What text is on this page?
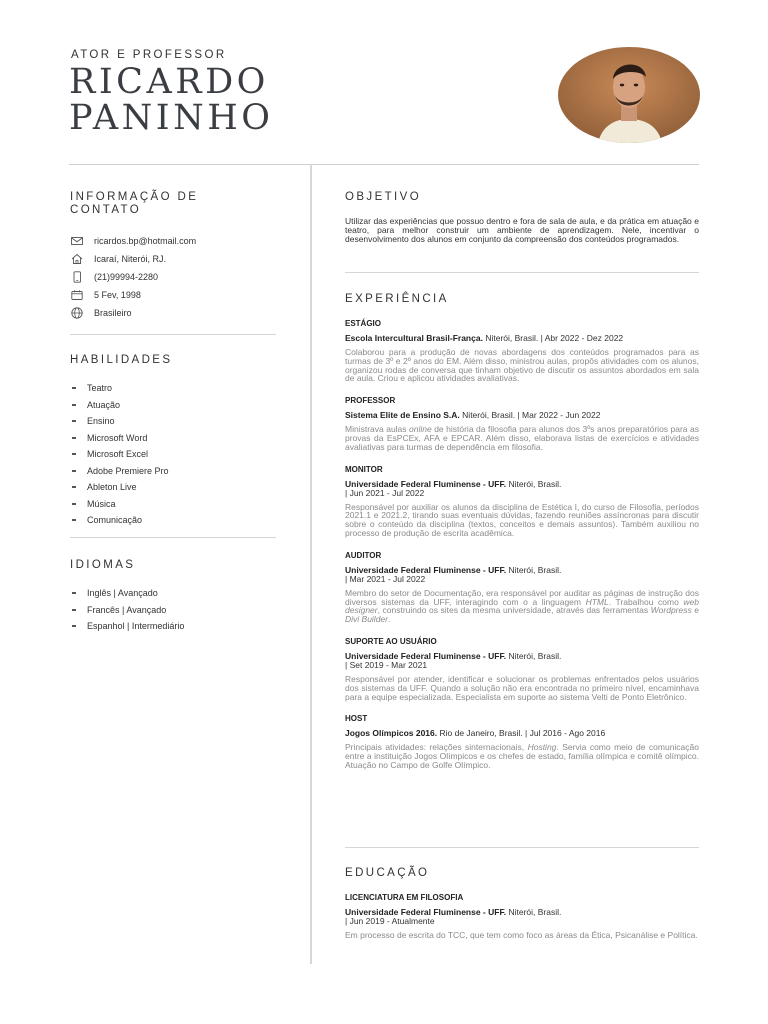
ATOR E PROFESSOR
RICARDO
PANINHO
INFORMAÇÃO DE CONTATO
ricardos.bp@hotmail.com
Icaraí, Niterói, RJ.
(21)99994-2280
5 Fev, 1998
Brasileiro
HABILIDADES
Teatro
Atuação
Ensino
Microsoft Word
Microsoft Excel
Adobe Premiere Pro
Ableton Live
Música
Comunicação
IDIOMAS
Inglês | Avançado
Francês | Avançado
Espanhol | Intermediário
OBJETIVO

Utilizar das experiências que possuo dentro e fora de sala de aula, e da prática em atuação e teatro, para melhor construir um ambiente de aprendizagem. Nele, incentivar o desenvolvimento dos alunos em conjunto da compreensão dos conteúdos programados.

EXPERIÊNCIA
ESTÁGIO
Escola Intercultural Brasil-França. Niterói, Brasil. | Abr 2022 - Dez 2022

Colaborou para a produção de novas abordagens dos conteúdos programados para as turmas de 3º e 2º anos do EM. Além disso, ministrou aulas, propôs atividades com os alunos, organizou rodas de conversa que tinham objetivo de discutir os assuntos abordados em sala de aula. Criou e aplicou atividades avaliativas.

PROFESSOR
Sistema Elite de Ensino S.A. Niterói, Brasil. | Mar 2022 - Jun 2022

Ministrava aulas online de história da filosofia para alunos dos 3ºs anos preparatórios para as provas da EsPCEx, AFA e EPCAR. Além disso, elaborava listas de exercícios e atividades avaliativas para turmas de dependência em filosofia.

MONITOR
Universidade Federal Fluminense - UFF. Niterói, Brasil.
| Jun 2021 - Jul 2022

Responsável por auxiliar os alunos da disciplina de Estética I, do curso de Filosofia, períodos 2021.1 e 2021.2, tirando suas eventuais dúvidas, fazendo reuniões assíncronas para discutir sobre o conteúdo da disciplina (textos, conceitos e demais assuntos). Também auxiliou no processo de produção de escrita acadêmica.

AUDITOR
Universidade Federal Fluminense - UFF. Niterói, Brasil.
| Mar 2021 - Jul 2022

Membro do setor de Documentação, era responsável por auditar as páginas de instrução dos diversos sistemas da UFF, interagindo com o a linguagem HTML. Trabalhou como web designer, construindo os sites da mesma universidade, através das ferramentas Wordpress e Divi Builder.

SUPORTE AO USUÁRIO
Universidade Federal Fluminense - UFF. Niterói, Brasil.
| Set 2019 - Mar 2021

Responsável por atender, identificar e solucionar os problemas enfrentados pelos usuários dos sistemas da UFF. Quando a solução não era encontrada no primeiro nível, encaminhava para a equipe especializada. Especialista em suporte ao sistema Velti de Ponto Eletrônico.

HOST
Jogos Olímpicos 2016. Rio de Janeiro, Brasil. | Jul 2016 - Ago 2016

Principais atividades: relações sinternacionais, Hosting. Servia como meio de comunicação entre a instituição Jogos Olímpicos e os chefes de estado, família olímpica e comitê olímpico. Atuação no Campo de Golfe Olímpico.

EDUCAÇÃO
LICENCIATURA EM FILOSOFIA
Universidade Federal Fluminense - UFF. Niterói, Brasil.
| Jun 2019 - Atualmente

Em processo de escrita do TCC, que tem como foco as áreas da Ética, Psicanálise e Política.
